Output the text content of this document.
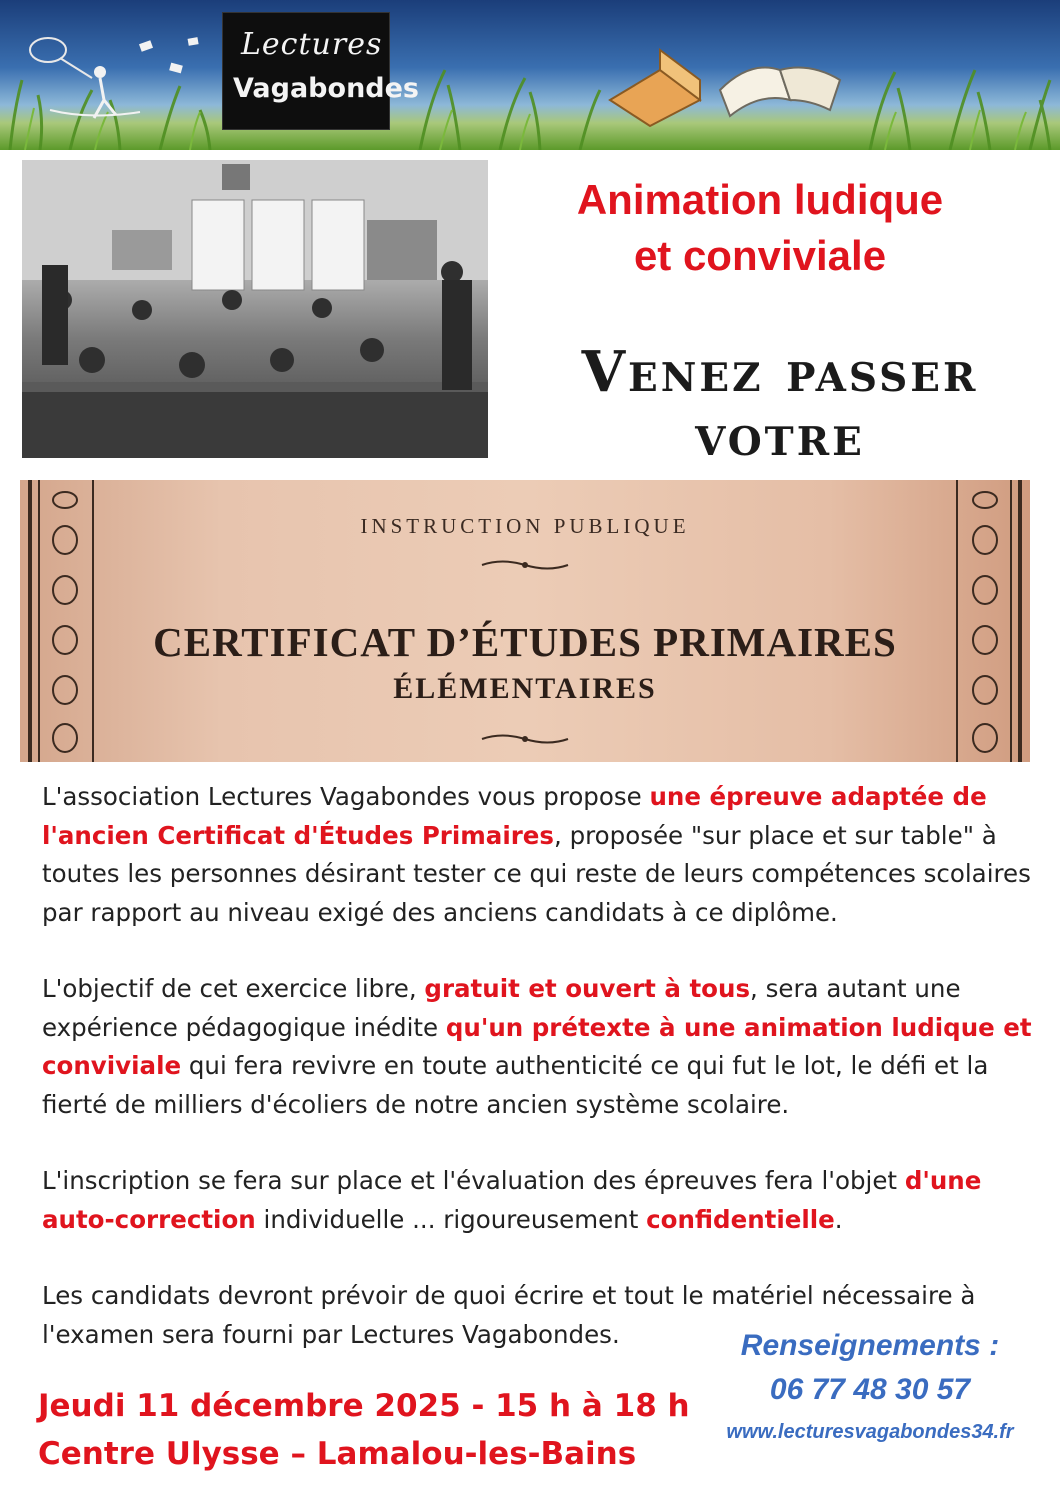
Lectures
Vagabondes
Animation ludique
et conviviale
Venez passer
votre
INSTRUCTION PUBLIQUE
CERTIFICAT D’ÉTUDES PRIMAIRES
ÉLÉMENTAIRES

L'association Lectures Vagabondes vous propose une épreuve adaptée de l'ancien Certificat d'Études Primaires, proposée "sur place et sur table" à toutes les personnes désirant tester ce qui reste de leurs compétences scolaires par rapport au niveau exigé des anciens candidats à ce diplôme.

L'objectif de cet exercice libre, gratuit et ouvert à tous, sera autant une expérience pédagogique inédite qu'un prétexte à une animation ludique et conviviale qui fera revivre en toute authenticité ce qui fut le lot, le défi et la fierté de milliers d'écoliers de notre ancien système scolaire.

L'inscription se fera sur place et l'évaluation des épreuves fera l'objet d'une auto-correction individuelle ... rigoureusement confidentielle.

Les candidats devront prévoir de quoi écrire et tout le matériel nécessaire à l'examen sera fourni par Lectures Vagabondes.

Jeudi 11 décembre 2025 - 15 h à 18 h
Centre Ulysse – Lamalou-les-Bains
Renseignements :
06 77 48 30 57
www.lecturesvagabondes34.fr
